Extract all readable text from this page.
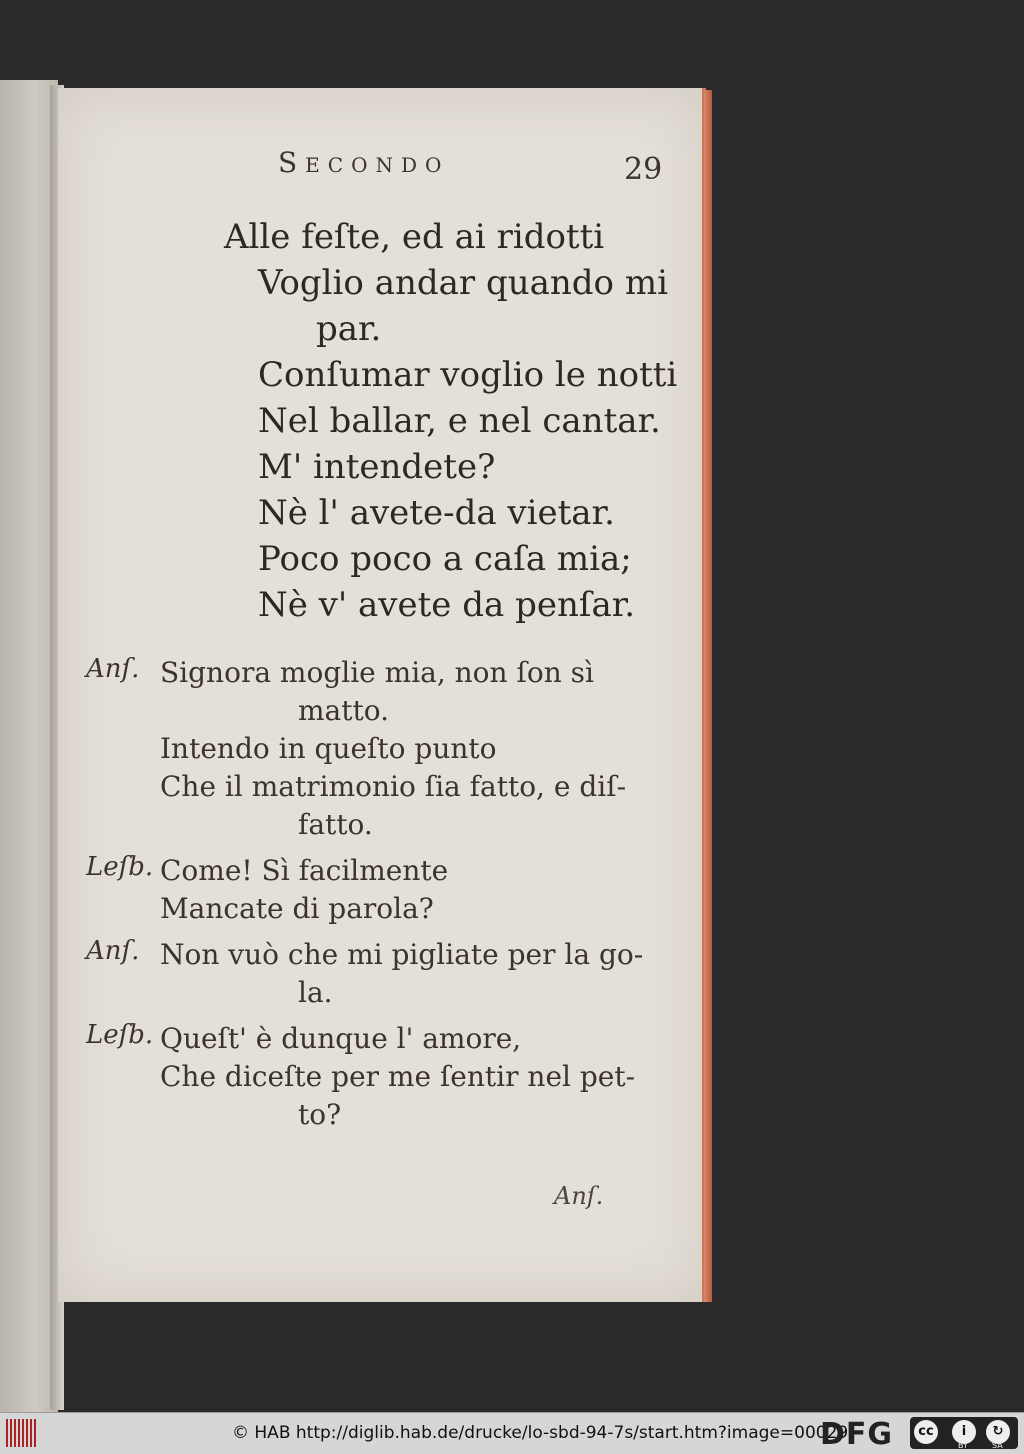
Secondo	29
Alle feſte, ed ai ridotti
Voglio andar quando mi
par.
Conſumar voglio le notti
Nel ballar, e nel cantar.
M' intendete?
Nè l' avete-da vietar.
Poco poco a caſa mia;
Nè v' avete da penſar.
Anſ. Signora moglie mia, non ſon sì
matto.
Intendo in queſto punto
Che il matrimonio ſia fatto, e diſ-
fatto.
Leſb. Come! Sì facilmente
Mancate di parola?
Anſ. Non vuò che mi pigliate per la go-
la.
Leſb. Queſt' è dunque l' amore,
Che diceſte per me ſentir nel pet-
to?
Anſ.
© HAB http://diglib.hab.de/drucke/lo-sbd-94-7s/start.htm?image=00029
DFG	cc	i	↻
BY	SA
